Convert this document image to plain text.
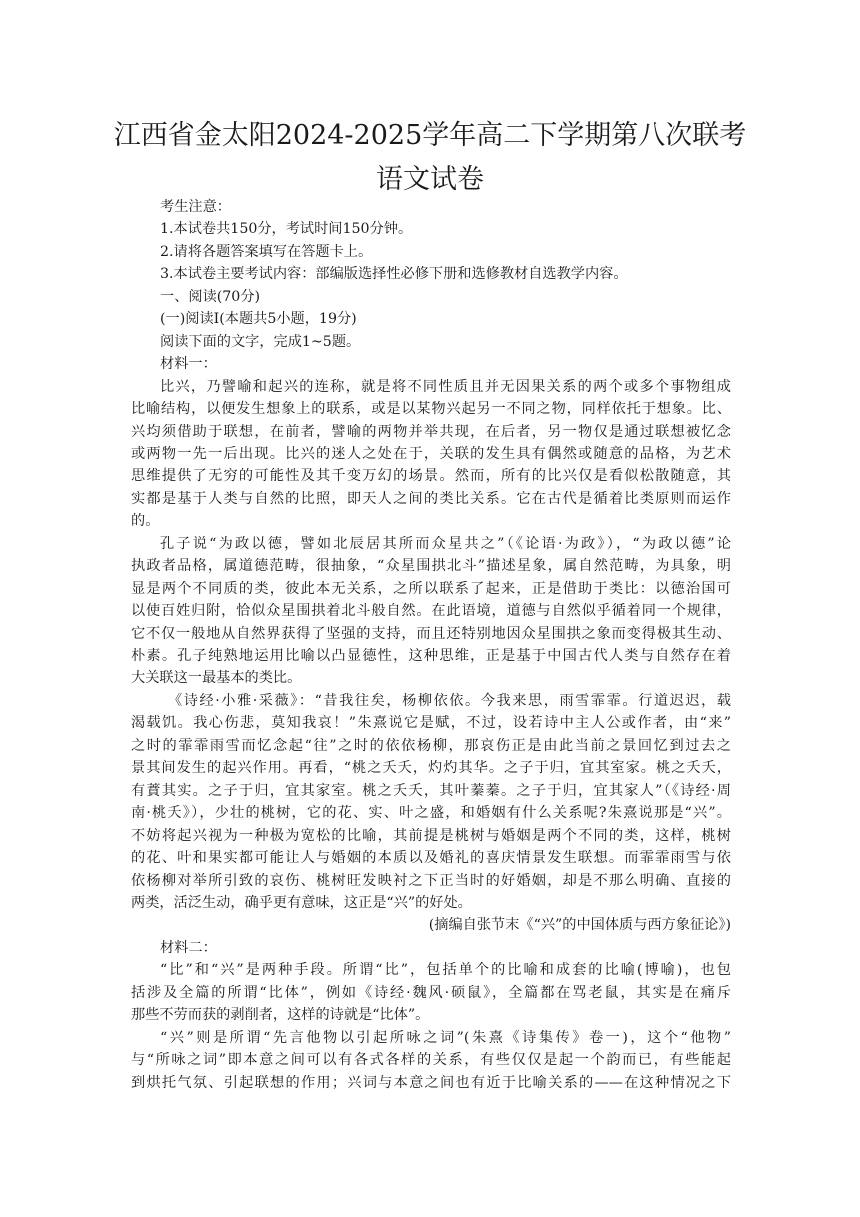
江西省金太阳2024-2025学年高二下学期第八次联考
语文试卷
考生注意：
1.本试卷共150分，考试时间150分钟。
2.请将各题答案填写在答题卡上。
3.本试卷主要考试内容：部编版选择性必修下册和选修教材自选教学内容。
一、阅读(70分)
(一)阅读Ⅰ(本题共5小题，19分)
阅读下面的文字，完成1~5题。
材料一：
比兴，乃譬喻和起兴的连称，就是将不同性质且并无因果关系的两个或多个事物组成
比喻结构，以便发生想象上的联系，或是以某物兴起另一不同之物，同样依托于想象。比、
兴均须借助于联想，在前者，譬喻的两物并举共现，在后者，另一物仅是通过联想被忆念
或两物一先一后出现。比兴的迷人之处在于，关联的发生具有偶然或随意的品格，为艺术
思维提供了无穷的可能性及其千变万幻的场景。然而，所有的比兴仅是看似松散随意，其
实都是基于人类与自然的比照，即天人之间的类比关系。它在古代是循着比类原则而运作
的。
孔子说“为政以德，譬如北辰居其所而众星共之”（《论语·为政》），“为政以德”论
执政者品格，属道德范畴，很抽象，“众星围拱北斗”描述星象，属自然范畴，为具象，明
显是两个不同质的类，彼此本无关系，之所以联系了起来，正是借助于类比：以德治国可
以使百姓归附，恰似众星围拱着北斗般自然。在此语境，道德与自然似乎循着同一个规律，
它不仅一般地从自然界获得了坚强的支持，而且还特别地因众星围拱之象而变得极其生动、
朴素。孔子纯熟地运用比喻以凸显德性，这种思维，正是基于中国古代人类与自然存在着
大关联这一最基本的类比。
《诗经·小雅·采薇》：“昔我往矣，杨柳依依。今我来思，雨雪霏霏。行道迟迟，载
渴载饥。我心伤悲，莫知我哀！”朱熹说它是赋，不过，设若诗中主人公或作者，由“来”
之时的霏霏雨雪而忆念起“往”之时的依依杨柳，那哀伤正是由此当前之景回忆到过去之
景其间发生的起兴作用。再看，“桃之夭夭，灼灼其华。之子于归，宜其室家。桃之夭夭，
有蕡其实。之子于归，宜其家室。桃之夭夭，其叶蓁蓁。之子于归，宜其家人”（《诗经·周
南·桃夭》），少壮的桃树，它的花、实、叶之盛，和婚姻有什么关系呢?朱熹说那是“兴”。
不妨将起兴视为一种极为宽松的比喻，其前提是桃树与婚姻是两个不同的类，这样，桃树
的花、叶和果实都可能让人与婚姻的本质以及婚礼的喜庆情景发生联想。而霏霏雨雪与依
依杨柳对举所引致的哀伤、桃树旺发映衬之下正当时的好婚姻，却是不那么明确、直接的
两类，活泛生动，确乎更有意味，这正是“兴”的好处。
(摘编自张节末《“兴”的中国体质与西方象征论》)
材料二：
“比”和“兴”是两种手段。所谓“比”，包括单个的比喻和成套的比喻(博喻)，也包
括涉及全篇的所谓“比体”，例如《诗经·魏风·硕鼠》，全篇都在骂老鼠，其实是在痛斥
那些不劳而获的剥削者，这样的诗就是“比体”。
“兴”则是所谓“先言他物以引起所咏之词”(朱熹《诗集传》卷一)，这个“他物”
与“所咏之词”即本意之间可以有各式各样的关系，有些仅仅是起一个韵而已，有些能起
到烘托气氛、引起联想的作用；兴词与本意之间也有近于比喻关系的——在这种情况之下
